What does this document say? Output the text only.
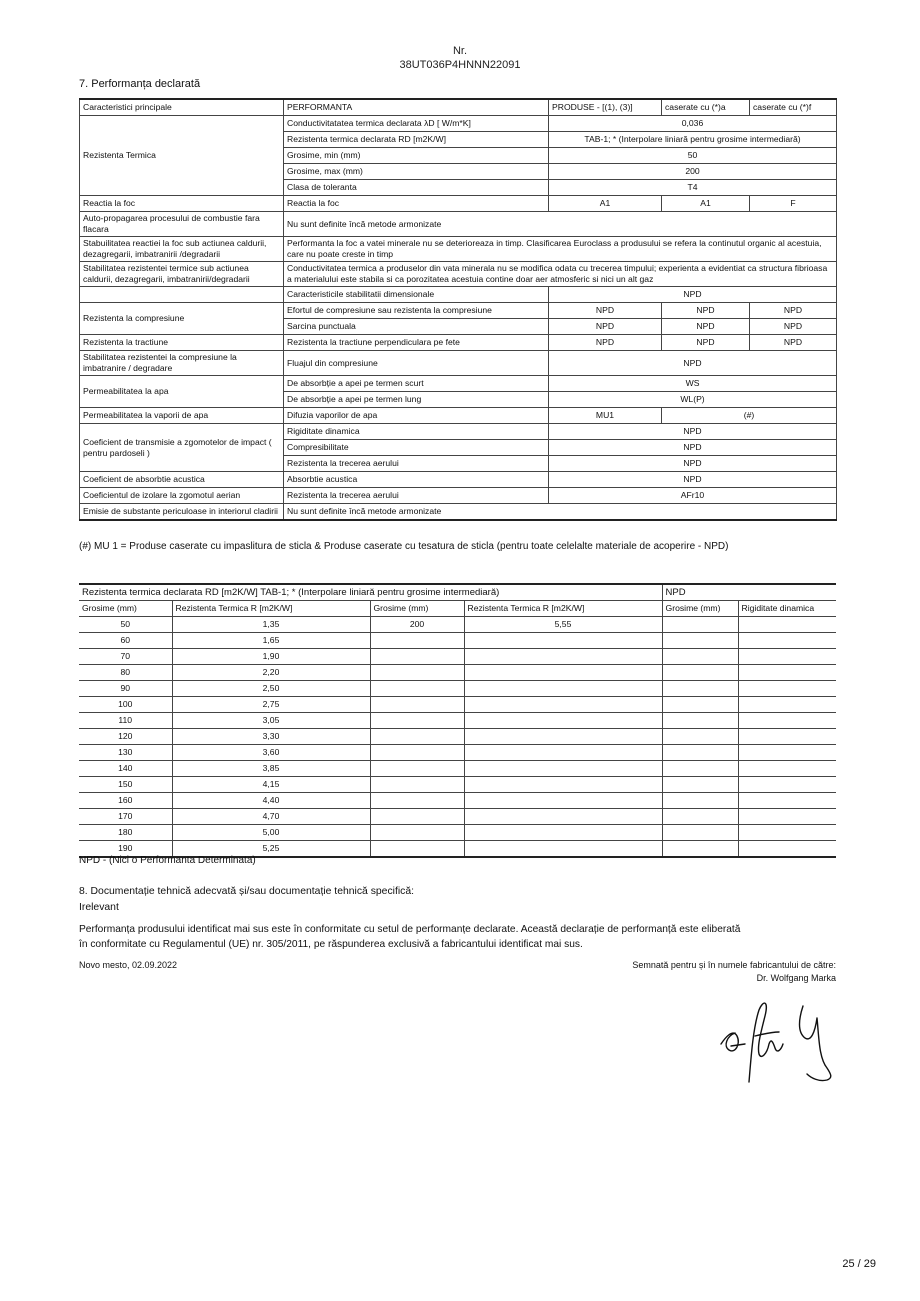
Nr.
38UT036P4HNNN22091
7. Performanța declarată
Caracteristici principale	PERFORMANTA	PRODUSE - [(1), (3)]	caserate cu (*)a	caserate cu (*)f
Rezistenta Termica	Conductivitatatea termica declarata λD [ W/m*K]	0,036		
	Rezistenta termica declarata RD [m2K/W]	TAB-1; * (Interpolare liniară pentru grosime intermediară)		
	Grosime, min (mm)	50		
	Grosime, max (mm)	200		
	Clasa de toleranta	T4		
Reactia la foc	Reactia la foc	A1	A1	F
Auto-propagarea procesului de combustie fara flacara	Nu sunt definite încă metode armonizate			
Stabuilitatea reactiei la foc sub actiunea caldurii, dezagregarii, imbatranirii /degradarii	Performanta la foc a vatei minerale nu se deterioreaza in timp. Clasificarea Euroclass a produsului se refera la continutul organic al acestuia, care nu poate creste in timp			
Stabilitatea rezistentei termice sub actiunea caldurii, dezagregarii, imbatranirii/degradarii	Conductivitatea termica a produselor din vata minerala nu se modifica odata cu trecerea timpului; experienta a evidentiat ca structura fibrioasa a materialului este stabila si ca porozitatea acestuia contine doar aer atmosferic si nici un alt gaz			
	Caracteristicile stabilitatii dimensionale	NPD		
Rezistenta la compresiune	Efortul de compresiune sau rezistenta la compresiune	NPD	NPD	NPD
	Sarcina punctuala	NPD	NPD	NPD
Rezistenta la tractiune	Rezistenta la tractiune perpendiculara pe fete	NPD	NPD	NPD
Stabilitatea rezistentei la compresiune la imbatranire / degradare	Fluajul din compresiune	NPD		
Permeabilitatea la apa	De absorbție a apei pe termen scurt	WS		
	De absorbție a apei pe termen lung	WL(P)		
Permeabilitatea la vaporii de apa	Difuzia vaporilor de apa	MU1	(#)	
Coeficient de transmisie a zgomotelor de impact ( pentru pardoseli )	Rigiditate dinamica	NPD		
	Compresibilitate	NPD		
	Rezistenta la trecerea aerului	NPD		
Coeficient de absorbtie acustica	Absorbtie acustica	NPD		
Coeficientul de izolare la zgomotul aerian	Rezistenta la trecerea aerului	AFr10		
Emisie de substante periculoase in interiorul cladirii	Nu sunt definite încă metode armonizate			
(#) MU 1 = Produse caserate cu impaslitura de sticla & Produse caserate cu tesatura de sticla (pentru toate celelalte materiale de acoperire - NPD)
Rezistenta termica declarata RD [m2K/W] TAB-1; * (Interpolare liniară pentru grosime intermediară)				NPD	
Grosime (mm)	Rezistenta Termica R [m2K/W]	Grosime (mm)	Rezistenta Termica R [m2K/W]	Grosime (mm)	Rigiditate dinamica
50	1,35	200	5,55		
60	1,65				
70	1,90				
80	2,20				
90	2,50				
100	2,75				
110	3,05				
120	3,30				
130	3,60				
140	3,85				
150	4,15				
160	4,40				
170	4,70				
180	5,00				
190	5,25				
NPD - (Nici o Performanta Determinata)
8. Documentație tehnică adecvată și/sau documentație tehnică specifică:
Irelevant
Performanța produsului identificat mai sus este în conformitate cu setul de performanțe declarate. Această declarație de performanță este eliberată
în conformitate cu Regulamentul (UE) nr. 305/2011, pe răspunderea exclusivă a fabricantului identificat mai sus.
Novo mesto, 02.09.2022	Semnată pentru și în numele fabricantului de către:
Dr. Wolfgang Marka
25 / 29
